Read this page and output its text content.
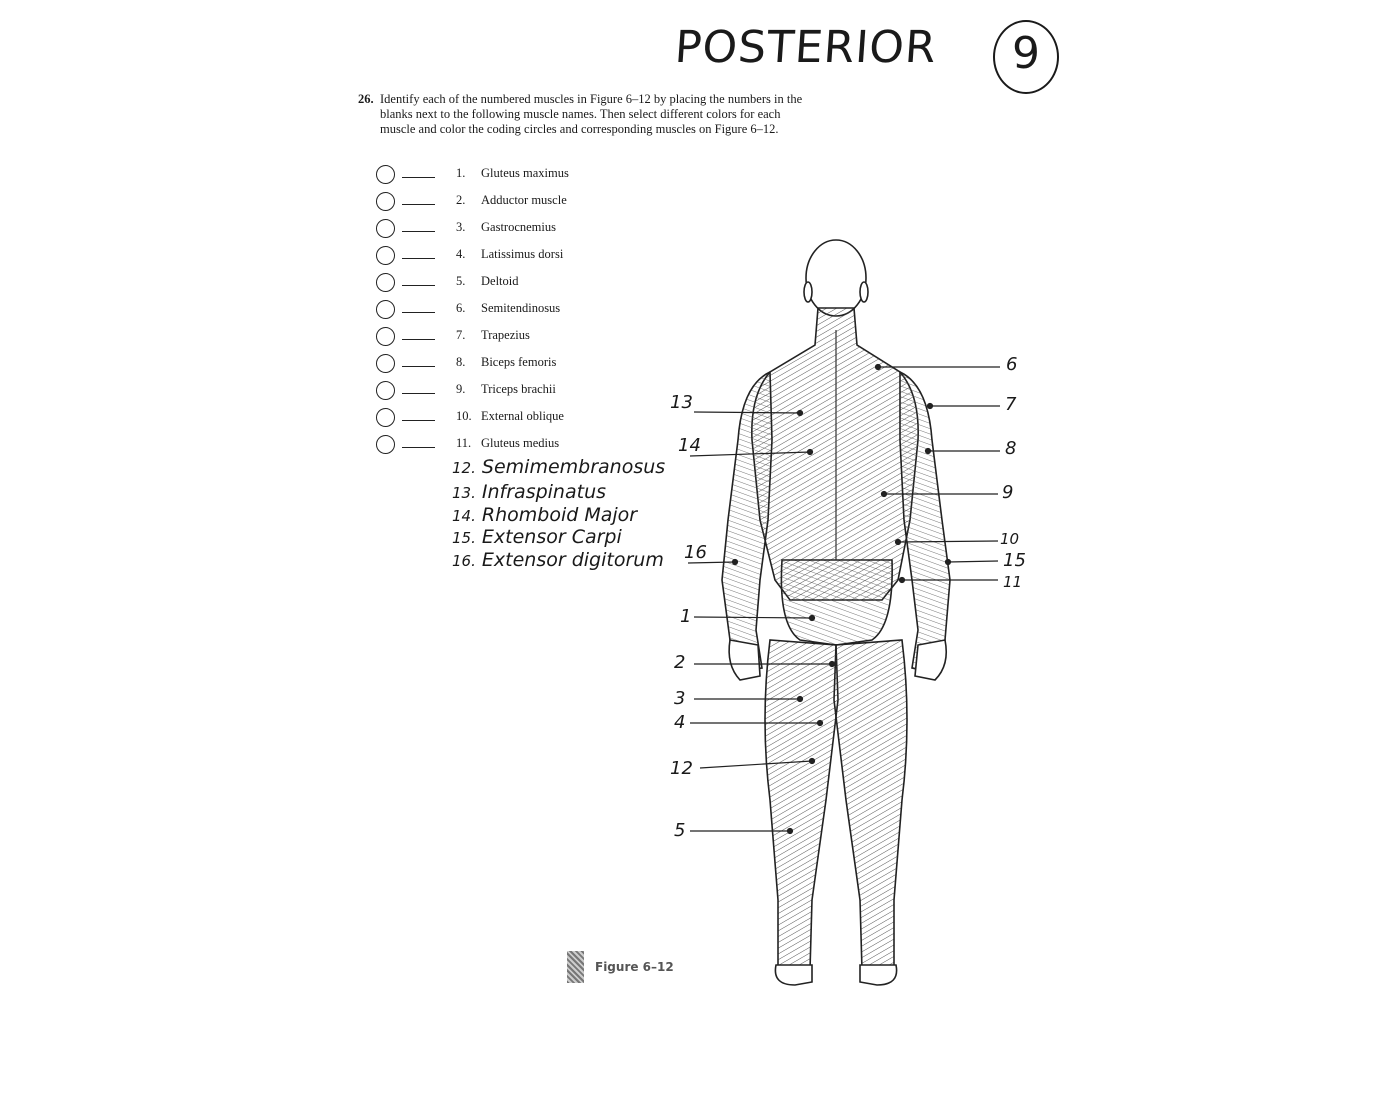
POSTERIOR	9
26. Identify each of the numbered muscles in Figure 6–12 by placing the numbers in the blanks next to the following muscle names. Then select different colors for each muscle and color the coding circles and corresponding muscles on Figure 6–12.
1.	Gluteus maximus
2.	Adductor muscle
3.	Gastrocnemius
4.	Latissimus dorsi
5.	Deltoid
6.	Semitendinosus
7.	Trapezius
8.	Biceps femoris
9.	Triceps brachii
10. External oblique
11. Gluteus medius
12. Semimembranosus
13. Infraspinatus
14. Rhomboid Major
15. Extensor Carpi
16. Extensor digitorum
13
14
16
1
2
3
4
12
5
6
7
8
9
10
15
11
Figure 6–12
